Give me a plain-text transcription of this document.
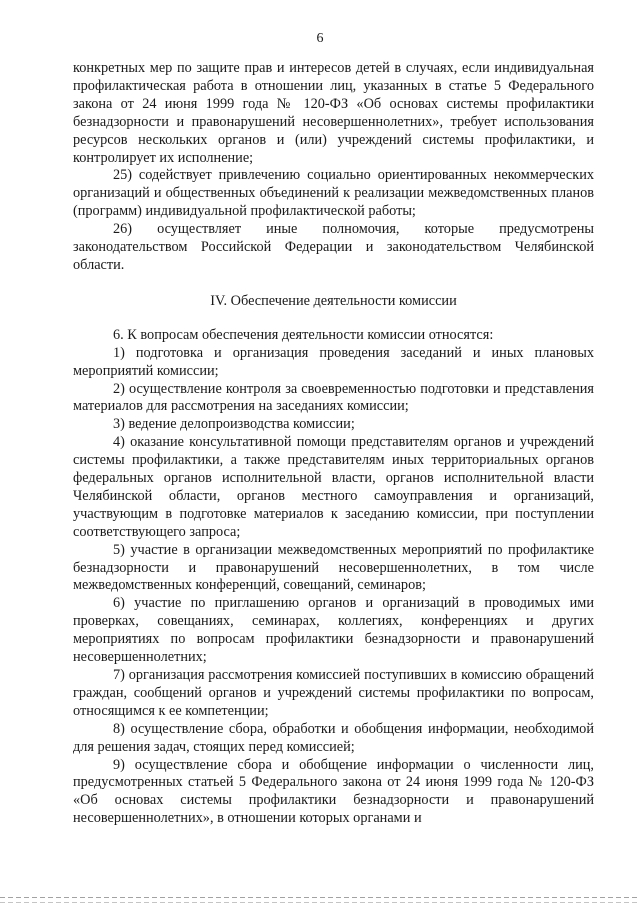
6

конкретных мер по защите прав и интересов детей в случаях, если индивидуальная профилактическая работа в отношении лиц, указанных в статье 5 Федерального закона от 24 июня 1999 года № 120-ФЗ «Об основах системы профилактики безнадзорности и правонарушений несовершеннолетних», требует использования ресурсов нескольких органов и (или) учреждений системы профилактики, и контролирует их исполнение;

25) содействует привлечению социально ориентированных некоммерческих организаций и общественных объединений к реализации межведомственных планов (программ) индивидуальной профилактической работы;

26) осуществляет иные полномочия, которые предусмотрены законодательством Российской Федерации и законодательством Челябинской области.

IV. Обеспечение деятельности комиссии

6. К вопросам обеспечения деятельности комиссии относятся:

1) подготовка и организация проведения заседаний и иных плановых мероприятий комиссии;

2) осуществление контроля за своевременностью подготовки и представления материалов для рассмотрения на заседаниях комиссии;

3) ведение делопроизводства комиссии;

4) оказание консультативной помощи представителям органов и учреждений системы профилактики, а также представителям иных территориальных органов федеральных органов исполнительной власти, органов исполнительной власти Челябинской области, органов местного самоуправления и организаций, участвующим в подготовке материалов к заседанию комиссии, при поступлении соответствующего запроса;

5) участие в организации межведомственных мероприятий по профилактике безнадзорности и правонарушений несовершеннолетних, в том числе межведомственных конференций, совещаний, семинаров;

6) участие по приглашению органов и организаций в проводимых ими проверках, совещаниях, семинарах, коллегиях, конференциях и других мероприятиях по вопросам профилактики безнадзорности и правонарушений несовершеннолетних;

7) организация рассмотрения комиссией поступивших в комиссию обращений граждан, сообщений органов и учреждений системы профилактики по вопросам, относящимся к ее компетенции;

8) осуществление сбора, обработки и обобщения информации, необходимой для решения задач, стоящих перед комиссией;

9) осуществление сбора и обобщение информации о численности лиц, предусмотренных статьей 5 Федерального закона от 24 июня 1999 года № 120-ФЗ «Об основах системы профилактики безнадзорности и правонарушений несовершеннолетних», в отношении которых органами и
